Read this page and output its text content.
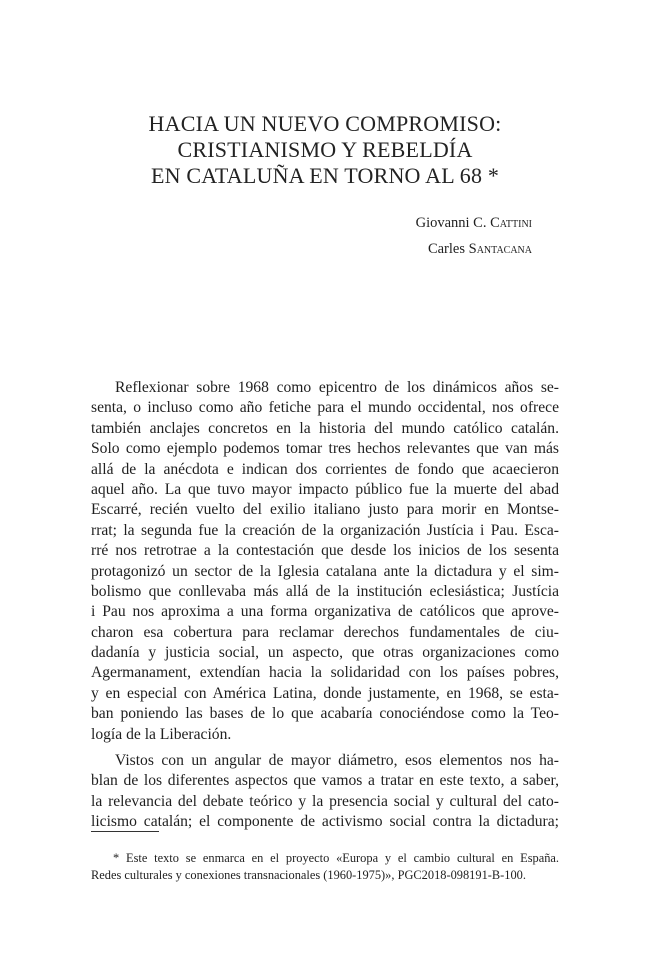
HACIA UN NUEVO COMPROMISO:
CRISTIANISMO Y REBELDÍA
EN CATALUÑA EN TORNO AL 68 *
Giovanni C. Cattini
Carles Santacana
Reflexionar sobre 1968 como epicentro de los dinámicos años se-
senta, o incluso como año fetiche para el mundo occidental, nos ofrece
también anclajes concretos en la historia del mundo católico catalán.
Solo como ejemplo podemos tomar tres hechos relevantes que van más
allá de la anécdota e indican dos corrientes de fondo que acaecieron
aquel año. La que tuvo mayor impacto público fue la muerte del abad
Escarré, recién vuelto del exilio italiano justo para morir en Montse-
rrat; la segunda fue la creación de la organización Justícia i Pau. Esca-
rré nos retrotrae a la contestación que desde los inicios de los sesenta
protagonizó un sector de la Iglesia catalana ante la dictadura y el sim-
bolismo que conllevaba más allá de la institución eclesiástica; Justícia
i Pau nos aproxima a una forma organizativa de católicos que aprove-
charon esa cobertura para reclamar derechos fundamentales de ciu-
dadanía y justicia social, un aspecto, que otras organizaciones como
Agermanament, extendían hacia la solidaridad con los países pobres,
y en especial con América Latina, donde justamente, en 1968, se esta-
ban poniendo las bases de lo que acabaría conociéndose como la Teo-
logía de la Liberación.
Vistos con un angular de mayor diámetro, esos elementos nos ha-
blan de los diferentes aspectos que vamos a tratar en este texto, a saber,
la relevancia del debate teórico y la presencia social y cultural del cato-
licismo catalán; el componente de activismo social contra la dictadura;
* Este texto se enmarca en el proyecto «Europa y el cambio cultural en España.
Redes culturales y conexiones transnacionales (1960-1975)», PGC2018-098191-B-100.
